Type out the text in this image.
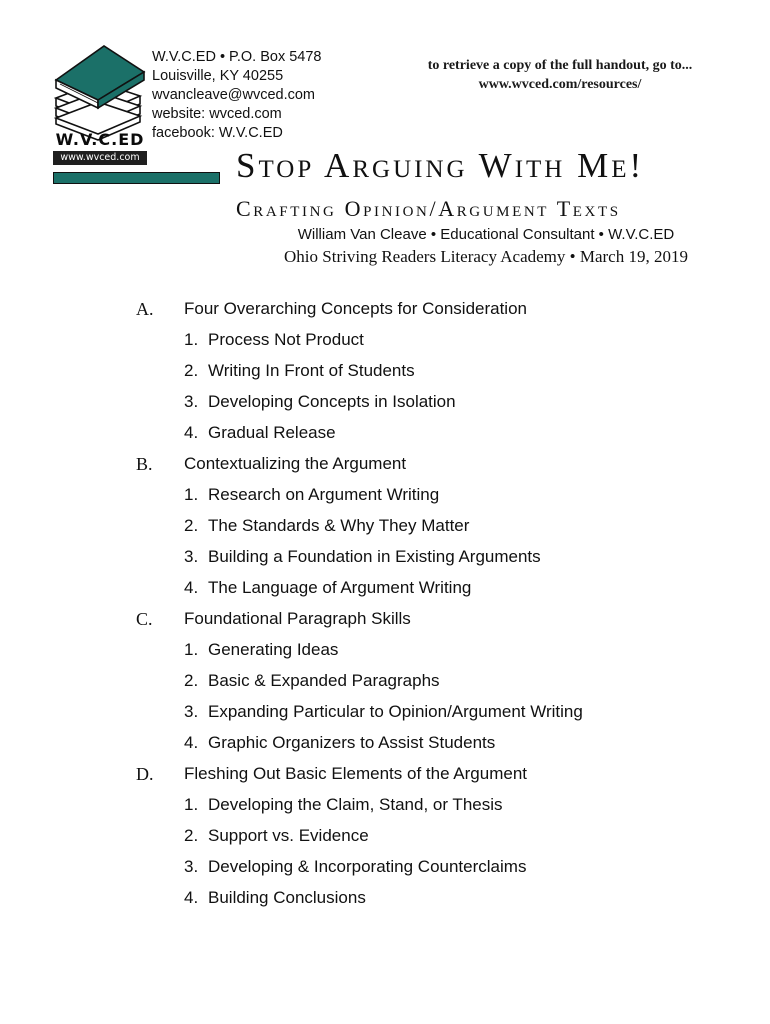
W.V.C.ED
www.wvced.com
W.V.C.ED • P.O. Box 5478
Louisville, KY 40255
wvancleave@wvced.com
website: wvced.com
facebook: W.V.C.ED
to retrieve a copy of the full handout, go to...
www.wvced.com/resources/
Stop Arguing With Me!
Crafting Opinion/Argument Texts
William Van Cleave • Educational Consultant • W.V.C.ED
Ohio Striving Readers Literacy Academy • March 19, 2019
A. Four Overarching Concepts for Consideration
1. Process Not Product
2. Writing In Front of Students
3. Developing Concepts in Isolation
4. Gradual Release
B. Contextualizing the Argument
1. Research on Argument Writing
2. The Standards & Why They Matter
3. Building a Foundation in Existing Arguments
4. The Language of Argument Writing
C. Foundational Paragraph Skills
1. Generating Ideas
2. Basic & Expanded Paragraphs
3. Expanding Particular to Opinion/Argument Writing
4. Graphic Organizers to Assist Students
D. Fleshing Out Basic Elements of the Argument
1. Developing the Claim, Stand, or Thesis
2. Support vs. Evidence
3. Developing & Incorporating Counterclaims
4. Building Conclusions
